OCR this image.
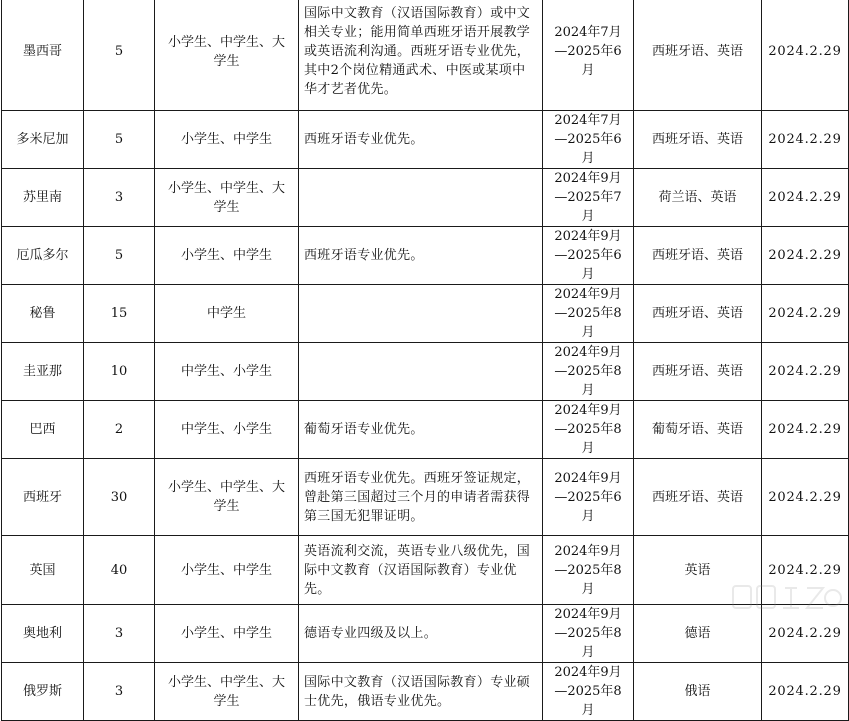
墨西哥	5	小学生、中学生、大学生	国际中文教育（汉语国际教育）或中文相关专业；能用简单西班牙语开展教学或英语流利沟通。西班牙语专业优先，其中2个岗位精通武术、中医或某项中华才艺者优先。	2024年7月—2025年6月	西班牙语、英语	2024.2.29
多米尼加	5	小学生、中学生	西班牙语专业优先。	2024年7月—2025年6月	西班牙语、英语	2024.2.29
苏里南	3	小学生、中学生、大学生		2024年9月—2025年7月	荷兰语、英语	2024.2.29
厄瓜多尔	5	小学生、中学生	西班牙语专业优先。	2024年9月—2025年6月	西班牙语、英语	2024.2.29
秘鲁	15	中学生		2024年9月—2025年8月	西班牙语、英语	2024.2.29
圭亚那	10	中学生、小学生		2024年9月—2025年8月	西班牙语、英语	2024.2.29
巴西	2	中学生、小学生	葡萄牙语专业优先。	2024年9月—2025年8月	葡萄牙语、英语	2024.2.29
西班牙	30	小学生、中学生、大学生	西班牙语专业优先。西班牙签证规定，曾赴第三国超过三个月的申请者需获得第三国无犯罪证明。	2024年9月—2025年6月	西班牙语、英语	2024.2.29
英国	40	小学生、中学生	英语流利交流，英语专业八级优先，国际中文教育（汉语国际教育）专业优先。	2024年9月—2025年8月	英语	2024.2.29
奥地利	3	小学生、中学生	德语专业四级及以上。	2024年9月—2025年8月	德语	2024.2.29
俄罗斯	3	小学生、中学生、大学生	国际中文教育（汉语国际教育）专业硕士优先，俄语专业优先。	2024年9月—2025年8月	俄语	2024.2.29
